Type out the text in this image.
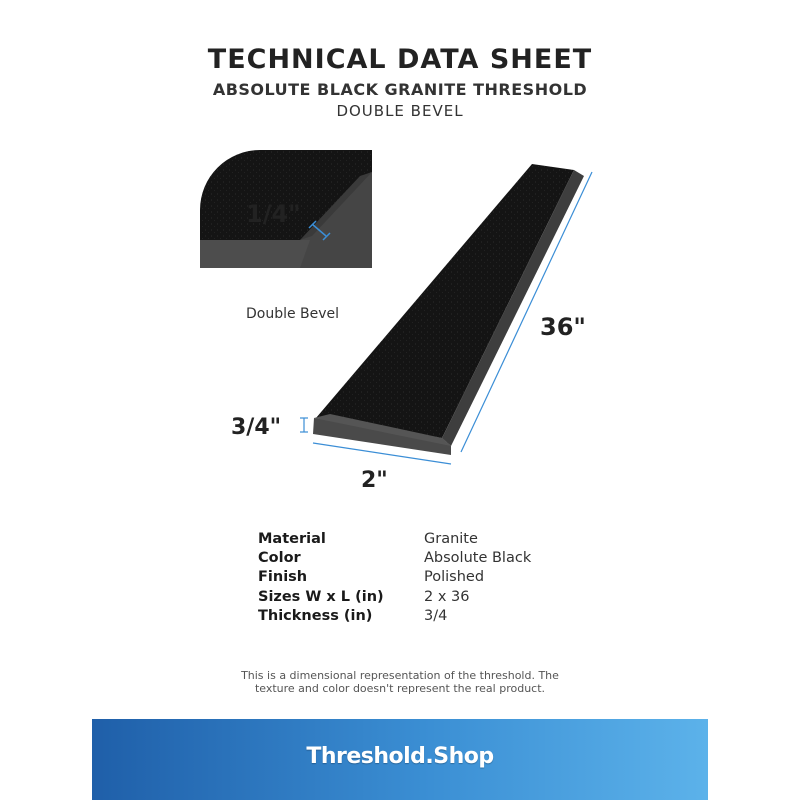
TECHNICAL DATA SHEET
ABSOLUTE BLACK GRANITE THRESHOLD
DOUBLE BEVEL
1/4"
Double Bevel	36"
3/4"
2"
Material	Granite
Color	Absolute Black
Finish	Polished
Sizes W x L (in)	2 x 36
Thickness (in)	3/4
This is a dimensional representation of the threshold. The
texture and color doesn't represent the real product.
Threshold.Shop
